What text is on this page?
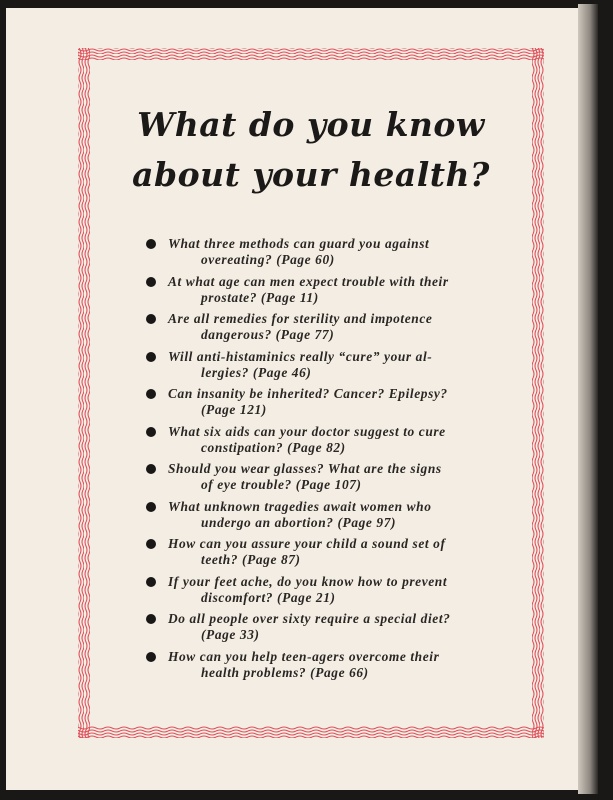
What do you know
about your health?
What three methods can guard you against
overeating? (Page 60)
At what age can men expect trouble with their
prostate? (Page 11)
Are all remedies for sterility and impotence
dangerous? (Page 77)
Will anti-histaminics really “cure” your al-
lergies? (Page 46)
Can insanity be inherited? Cancer? Epilepsy?
(Page 121)
What six aids can your doctor suggest to cure
constipation? (Page 82)
Should you wear glasses? What are the signs
of eye trouble? (Page 107)
What unknown tragedies await women who
undergo an abortion? (Page 97)
How can you assure your child a sound set of
teeth? (Page 87)
If your feet ache, do you know how to prevent
discomfort? (Page 21)
Do all people over sixty require a special diet?
(Page 33)
How can you help teen-agers overcome their
health problems? (Page 66)
